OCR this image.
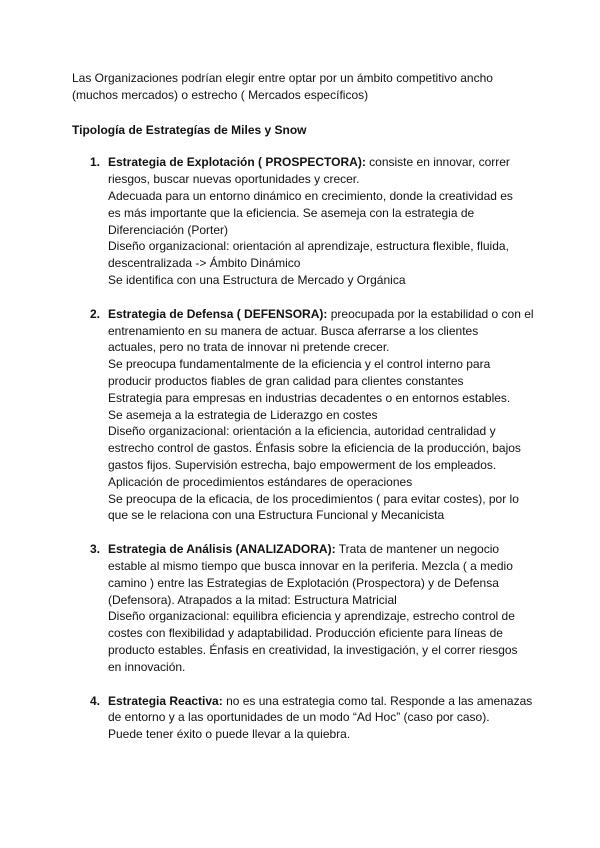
Las Organizaciones podrían elegir entre optar por un ámbito competitivo ancho
(muchos mercados) o estrecho ( Mercados específicos)

Tipología de Estrategías de Miles y Snow

1. Estrategia de Explotación ( PROSPECTORA): consiste en innovar, correr
riesgos, buscar nuevas oportunidades y crecer.
Adecuada para un entorno dinámico en crecimiento, donde la creatividad es
es más importante que la eficiencia. Se asemeja con la estrategia de
Diferenciación (Porter)
Diseño organizacional: orientación al aprendizaje, estructura flexible, fluida,
descentralizada -> Ámbito Dinámico
Se identifica con una Estructura de Mercado y Orgánica
2. Estrategia de Defensa ( DEFENSORA): preocupada por la estabilidad o con el
entrenamiento en su manera de actuar. Busca aferrarse a los clientes
actuales, pero no trata de innovar ni pretende crecer.
Se preocupa fundamentalmente de la eficiencia y el control interno para
producir productos fiables de gran calidad para clientes constantes
Estrategia para empresas en industrias decadentes o en entornos estables.
Se asemeja a la estrategia de Liderazgo en costes
Diseño organizacional: orientación a la eficiencia, autoridad centralidad y
estrecho control de gastos. Énfasis sobre la eficiencia de la producción, bajos
gastos fijos. Supervisión estrecha, bajo empowerment de los empleados.
Aplicación de procedimientos estándares de operaciones
Se preocupa de la eficacia, de los procedimientos ( para evitar costes), por lo
que se le relaciona con una Estructura Funcional y Mecanicista
3. Estrategia de Análisis (ANALIZADORA): Trata de mantener un negocio
estable al mismo tiempo que busca innovar en la periferia. Mezcla ( a medio
camino ) entre las Estrategias de Explotación (Prospectora) y de Defensa
(Defensora). Atrapados a la mitad: Estructura Matricial
Diseño organizacional: equilibra eficiencia y aprendizaje, estrecho control de
costes con flexibilidad y adaptabilidad. Producción eficiente para líneas de
producto estables. Énfasis en creatividad, la investigación, y el correr riesgos
en innovación.
4. Estrategia Reactiva: no es una estrategia como tal. Responde a las amenazas
de entorno y a las oportunidades de un modo “Ad Hoc” (caso por caso).
Puede tener éxito o puede llevar a la quiebra.
